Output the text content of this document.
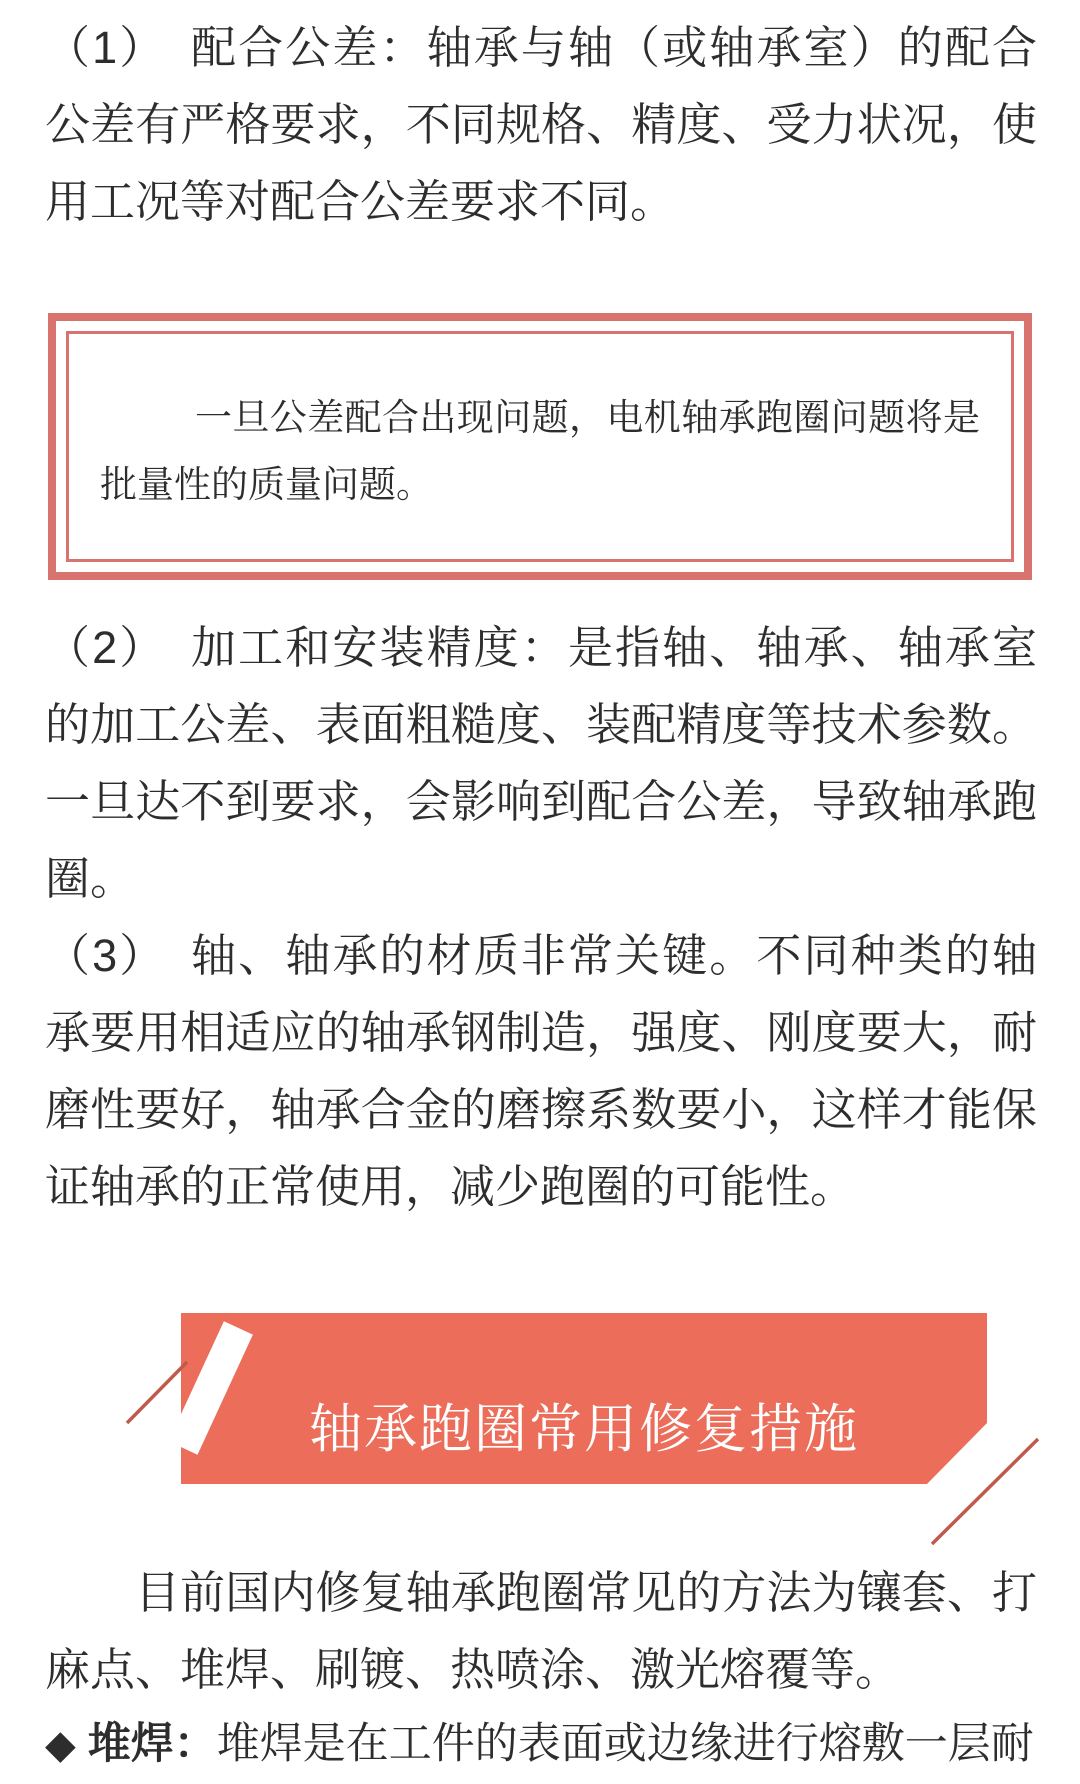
（1）　配合公差：轴承与轴（或轴承室）的配合公差有严格要求，不同规格、精度、受力状况，使用工况等对配合公差要求不同。

一旦公差配合出现问题，电机轴承跑圈问题将是批量性的质量问题。

（2）　加工和安装精度：是指轴、轴承、轴承室的加工公差、表面粗糙度、装配精度等技术参数。一旦达不到要求，会影响到配合公差，导致轴承跑圈。

（3）　轴、轴承的材质非常关键。不同种类的轴承要用相适应的轴承钢制造，强度、刚度要大，耐磨性要好，轴承合金的磨擦系数要小，这样才能保证轴承的正常使用，减少跑圈的可能性。

轴承跑圈常用修复措施

目前国内修复轴承跑圈常见的方法为镶套、打麻点、堆焊、刷镀、热喷涂、激光熔覆等。

◆ 堆焊：堆焊是在工件的表面或边缘进行熔敷一层耐
